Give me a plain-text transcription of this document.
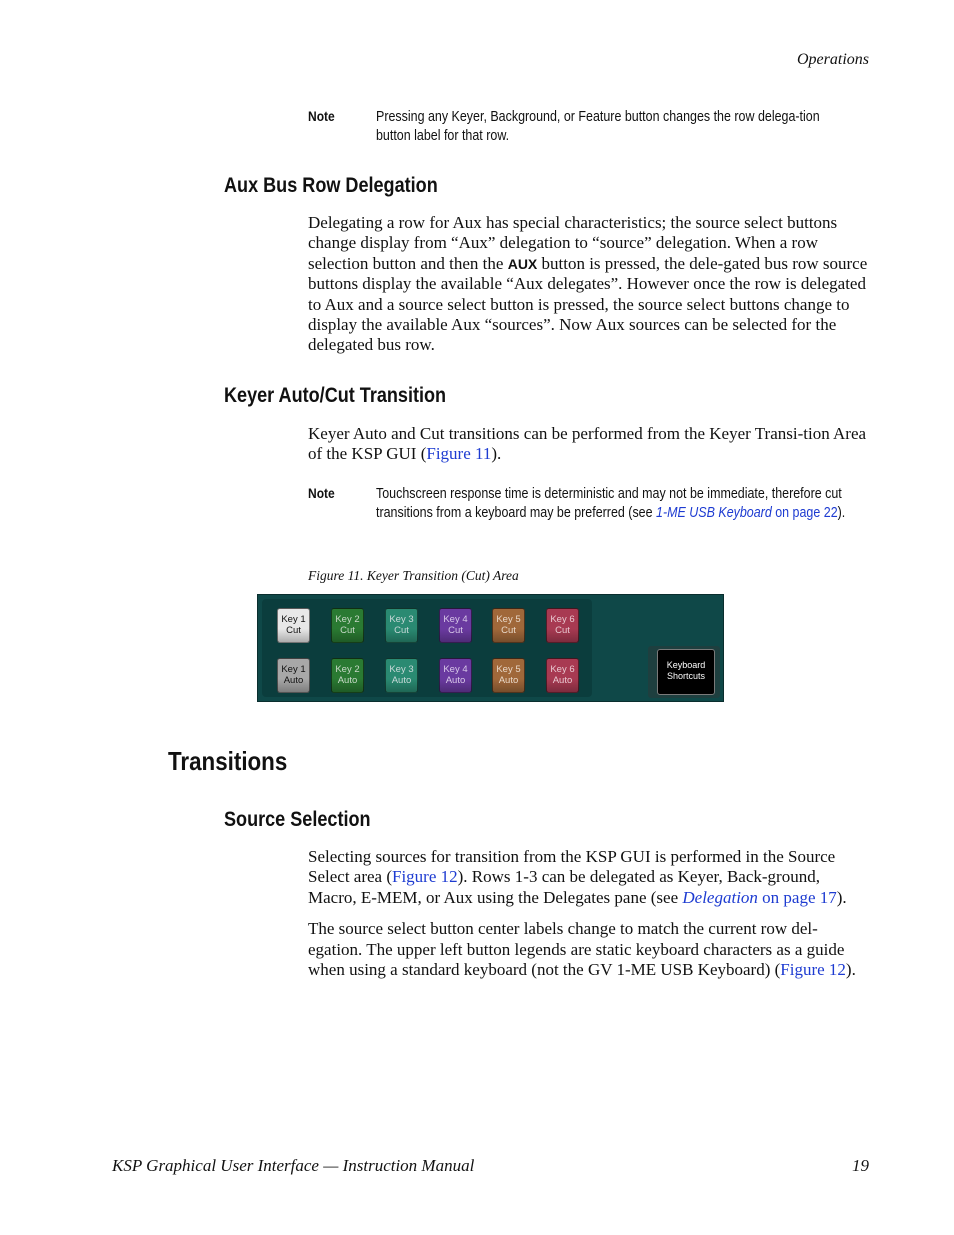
Operations
Note	Pressing any Keyer, Background, or Feature button changes the row delega-tion button label for that row.
Aux Bus Row Delegation

Delegating a row for Aux has special characteristics; the source select buttons change display from “Aux” delegation to “source” delegation. When a row selection button and then the AUX button is pressed, the dele-gated bus row source buttons display the available “Aux delegates”. However once the row is delegated to Aux and a source select button is pressed, the source select buttons change to display the available Aux “sources”. Now Aux sources can be selected for the delegated bus row.

Keyer Auto/Cut Transition

Keyer Auto and Cut transitions can be performed from the Keyer Transi-tion Area of the KSP GUI (Figure 11).

Note	Touchscreen response time is deterministic and may not be immediate, therefore cut transitions from a keyboard may be preferred (see 1-ME USB Keyboard on page 22).
Figure 11. Keyer Transition (Cut) Area
Key 1
Cut
Key 2
Cut
Key 3
Cut
Key 4
Cut
Key 5
Cut
Key 6
Cut
Key 1
Auto
Key 2
Auto
Key 3
Auto
Key 4
Auto
Key 5
Auto
Key 6
Auto
Keyboard
Shortcuts
Transitions
Source Selection

Selecting sources for transition from the KSP GUI is performed in the Source Select area (Figure 12). Rows 1-3 can be delegated as Keyer, Back-ground, Macro, E-MEM, or Aux using the Delegates pane (see Delegation on page 17).

The source select button center labels change to match the current row del-egation. The upper left button legends are static keyboard characters as a guide when using a standard keyboard (not the GV 1-ME USB Keyboard) (Figure 12).

KSP Graphical User Interface — Instruction Manual	19
